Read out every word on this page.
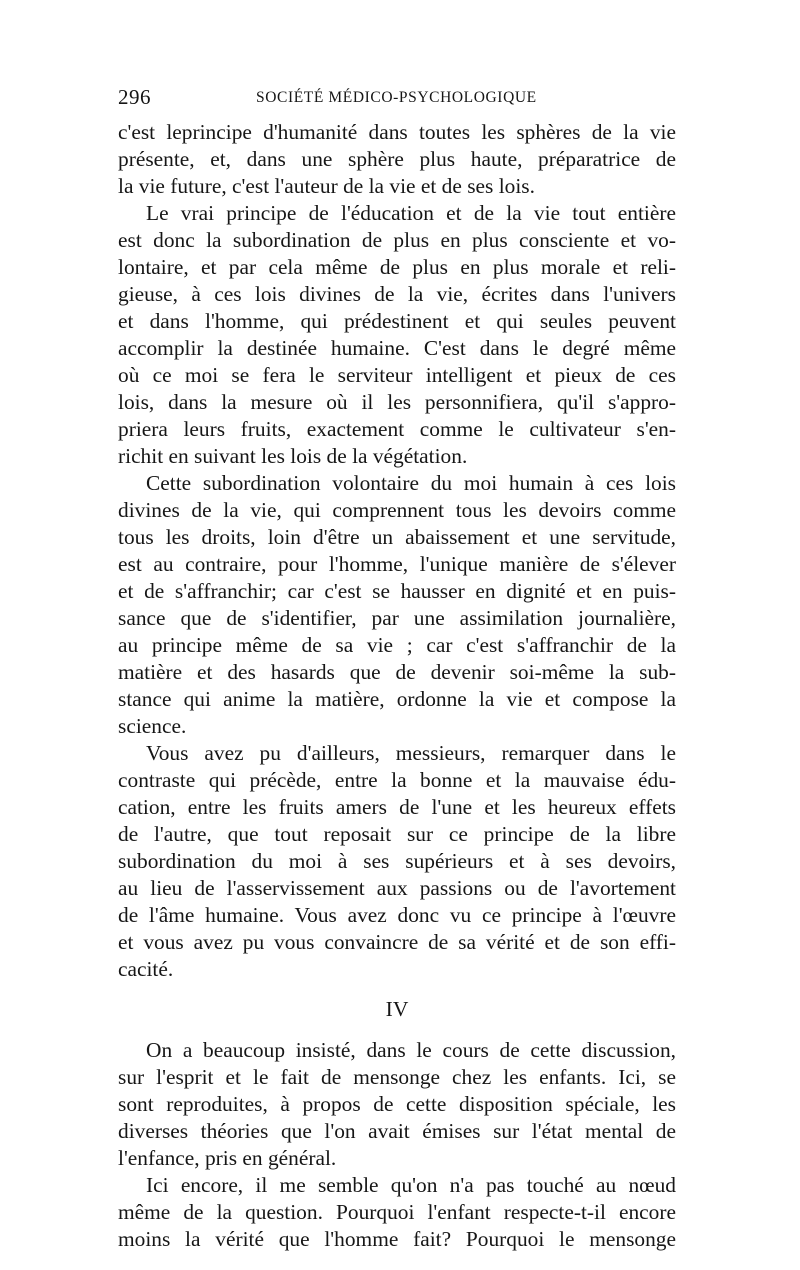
296	SOCIÉTÉ MÉDICO-PSYCHOLOGIQUE
c'est leprincipe d'humanité dans toutes les sphères de la vie
présente, et, dans une sphère plus haute, préparatrice de
la vie future, c'est l'auteur de la vie et de ses lois.
Le vrai principe de l'éducation et de la vie tout entière
est donc la subordination de plus en plus consciente et vo-
lontaire, et par cela même de plus en plus morale et reli-
gieuse, à ces lois divines de la vie, écrites dans l'univers
et dans l'homme, qui prédestinent et qui seules peuvent
accomplir la destinée humaine. C'est dans le degré même
où ce moi se fera le serviteur intelligent et pieux de ces
lois, dans la mesure où il les personnifiera, qu'il s'appro-
priera leurs fruits, exactement comme le cultivateur s'en-
richit en suivant les lois de la végétation.
Cette subordination volontaire du moi humain à ces lois
divines de la vie, qui comprennent tous les devoirs comme
tous les droits, loin d'être un abaissement et une servitude,
est au contraire, pour l'homme, l'unique manière de s'élever
et de s'affranchir; car c'est se hausser en dignité et en puis-
sance que de s'identifier, par une assimilation journalière,
au principe même de sa vie ; car c'est s'affranchir de la
matière et des hasards que de devenir soi-même la sub-
stance qui anime la matière, ordonne la vie et compose la
science.
Vous avez pu d'ailleurs, messieurs, remarquer dans le
contraste qui précède, entre la bonne et la mauvaise édu-
cation, entre les fruits amers de l'une et les heureux effets
de l'autre, que tout reposait sur ce principe de la libre
subordination du moi à ses supérieurs et à ses devoirs,
au lieu de l'asservissement aux passions ou de l'avortement
de l'âme humaine. Vous avez donc vu ce principe à l'œuvre
et vous avez pu vous convaincre de sa vérité et de son effi-
cacité.
IV
On a beaucoup insisté, dans le cours de cette discussion,
sur l'esprit et le fait de mensonge chez les enfants. Ici, se
sont reproduites, à propos de cette disposition spéciale, les
diverses théories que l'on avait émises sur l'état mental de
l'enfance, pris en général.
Ici encore, il me semble qu'on n'a pas touché au nœud
même de la question. Pourquoi l'enfant respecte-t-il encore
moins la vérité que l'homme fait? Pourquoi le mensonge
